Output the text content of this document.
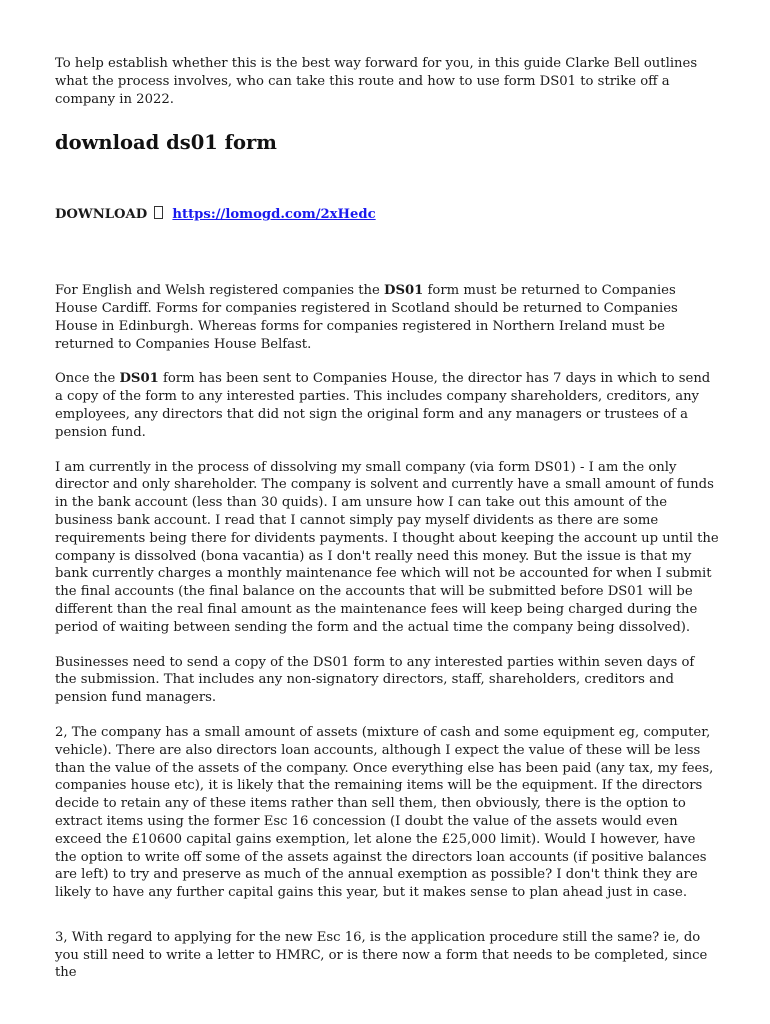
To help establish whether this is the best way forward for you, in this guide Clarke Bell outlines what the process involves, who can take this route and how to use form DS01 to strike off a company in 2022.

download ds01 form
DOWNLOAD https://lomogd.com/2xHedc

For English and Welsh registered companies the DS01 form must be returned to Companies House Cardiff. Forms for companies registered in Scotland should be returned to Companies House in Edinburgh. Whereas forms for companies registered in Northern Ireland must be returned to Companies House Belfast.

Once the DS01 form has been sent to Companies House, the director has 7 days in which to send a copy of the form to any interested parties. This includes company shareholders, creditors, any employees, any directors that did not sign the original form and any managers or trustees of a pension fund.

I am currently in the process of dissolving my small company (via form DS01) - I am the only director and only shareholder. The company is solvent and currently have a small amount of funds in the bank account (less than 30 quids). I am unsure how I can take out this amount of the business bank account. I read that I cannot simply pay myself dividents as there are some requirements being there for dividents payments. I thought about keeping the account up until the company is dissolved (bona vacantia) as I don't really need this money. But the issue is that my bank currently charges a monthly maintenance fee which will not be accounted for when I submit the final accounts (the final balance on the accounts that will be submitted before DS01 will be different than the real final amount as the maintenance fees will keep being charged during the period of waiting between sending the form and the actual time the company being dissolved).

Businesses need to send a copy of the DS01 form to any interested parties within seven days of the submission. That includes any non-signatory directors, staff, shareholders, creditors and pension fund managers.

2, The company has a small amount of assets (mixture of cash and some equipment eg, computer, vehicle). There are also directors loan accounts, although I expect the value of these will be less than the value of the assets of the company. Once everything else has been paid (any tax, my fees, companies house etc), it is likely that the remaining items will be the equipment. If the directors decide to retain any of these items rather than sell them, then obviously, there is the option to extract items using the former Esc 16 concession (I doubt the value of the assets would even exceed the £10600 capital gains exemption, let alone the £25,000 limit). Would I however, have the option to write off some of the assets against the directors loan accounts (if positive balances are left) to try and preserve as much of the annual exemption as possible? I don't think they are likely to have any further capital gains this year, but it makes sense to plan ahead just in case.

3, With regard to applying for the new Esc 16, is the application procedure still the same? ie, do you still need to write a letter to HMRC, or is there now a form that needs to be completed, since the
